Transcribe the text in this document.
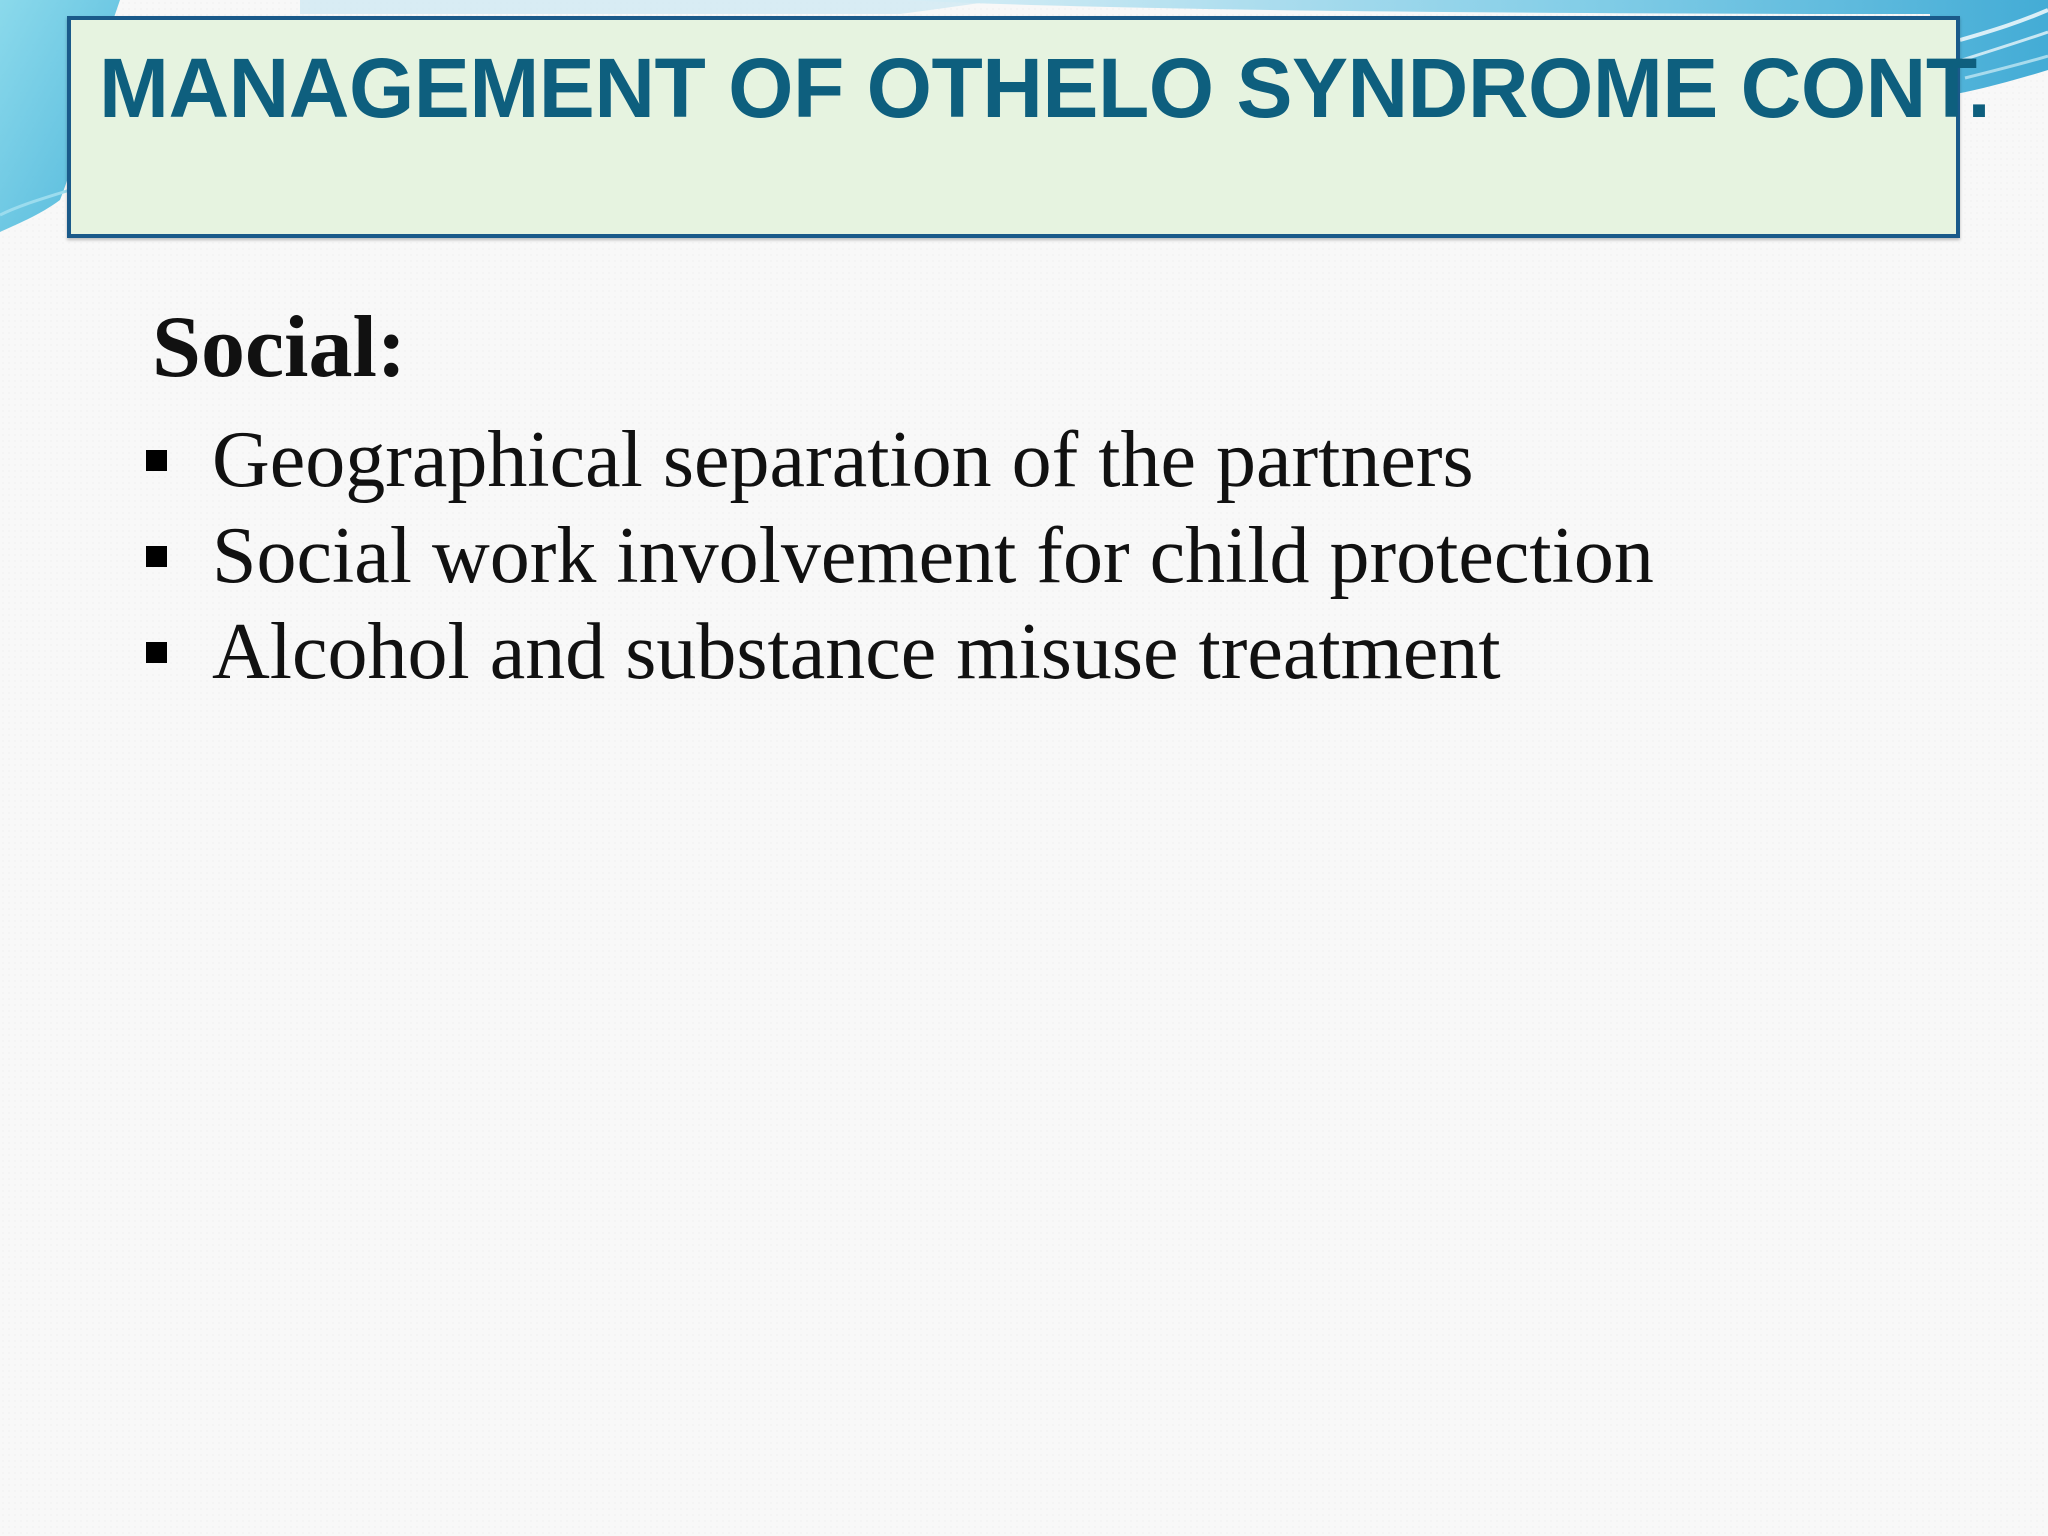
MANAGEMENT OF OTHELO SYNDROME CONT.
Social:
Geographical separation of the partners
Social work involvement for child protection
Alcohol and substance misuse treatment
